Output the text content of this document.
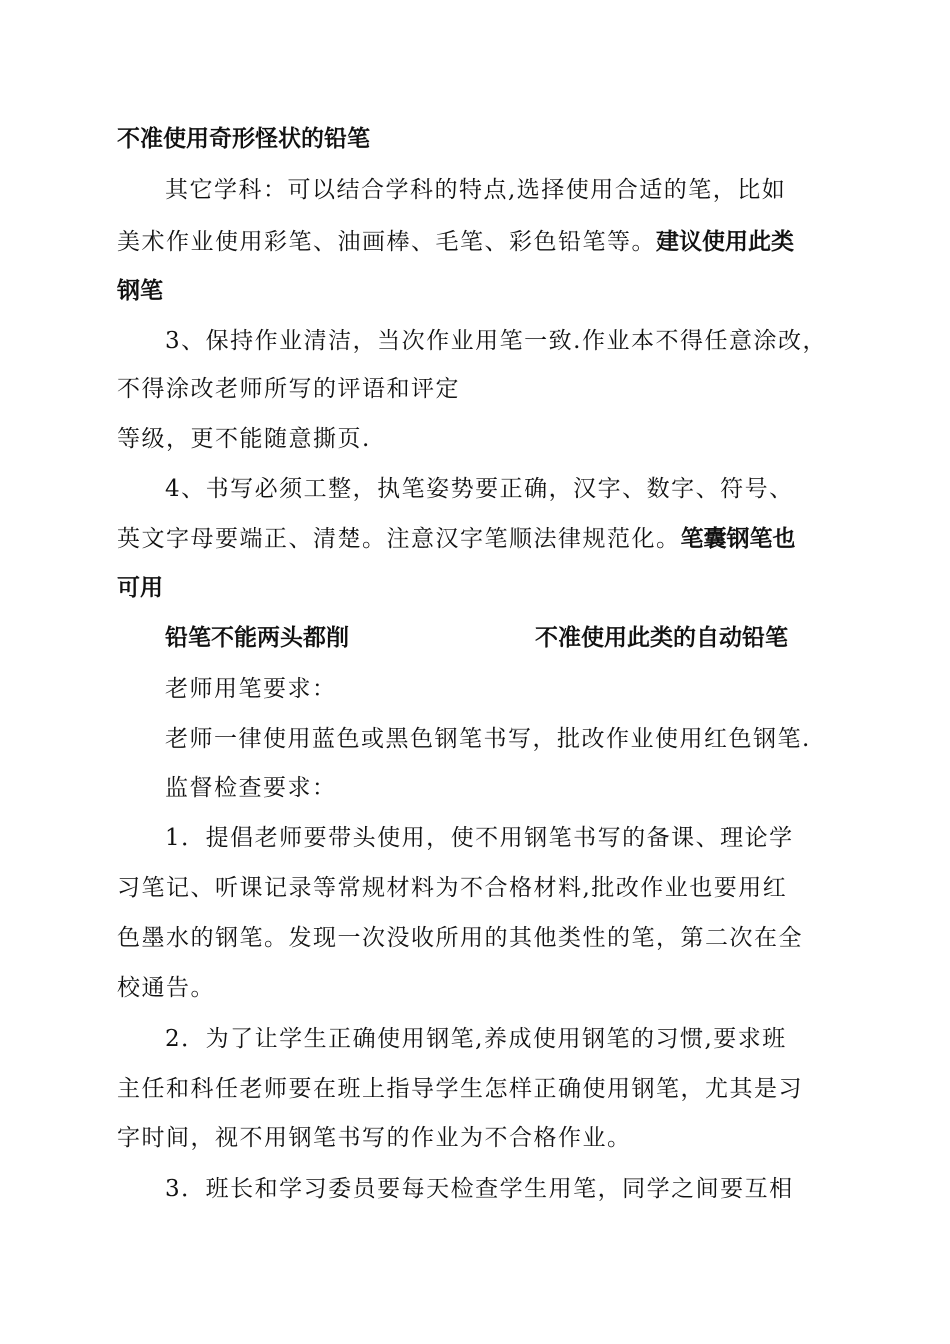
不准使用奇形怪状的铅笔
其它学科：可以结合学科的特点,选择使用合适的笔，比如
美术作业使用彩笔、油画棒、毛笔、彩色铅笔等。建议使用此类
钢笔
3、保持作业清洁，当次作业用笔一致.作业本不得任意涂改，
不得涂改老师所写的评语和评定
等级，更不能随意撕页.
4、书写必须工整，执笔姿势要正确，汉字、数字、符号、
英文字母要端正、清楚。注意汉字笔顺法律规范化。笔囊钢笔也
可用
铅笔不能两头都削	不准使用此类的自动铅笔
老师用笔要求：
老师一律使用蓝色或黑色钢笔书写，批改作业使用红色钢笔.
监督检查要求：
1．提倡老师要带头使用，使不用钢笔书写的备课、理论学
习笔记、听课记录等常规材料为不合格材料,批改作业也要用红
色墨水的钢笔。发现一次没收所用的其他类性的笔，第二次在全
校通告。
2．为了让学生正确使用钢笔,养成使用钢笔的习惯,要求班
主任和科任老师要在班上指导学生怎样正确使用钢笔，尤其是习
字时间，视不用钢笔书写的作业为不合格作业。
3．班长和学习委员要每天检查学生用笔，同学之间要互相
